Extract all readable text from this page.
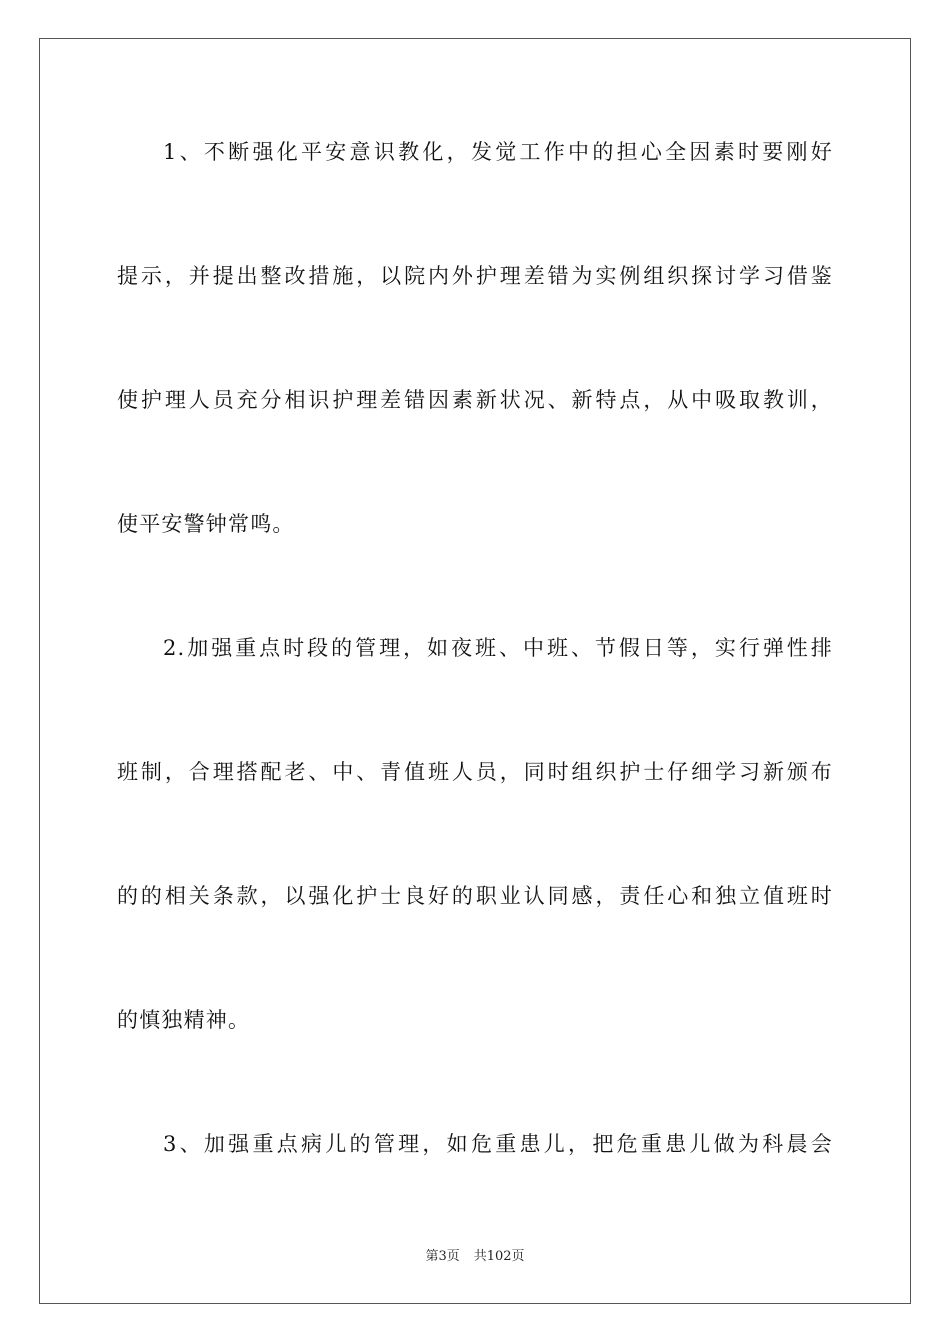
1、不断强化平安意识教化，发觉工作中的担心全因素时要刚好
提示，并提出整改措施，以院内外护理差错为实例组织探讨学习借鉴
使护理人员充分相识护理差错因素新状况、新特点，从中吸取教训，
使平安警钟常鸣。
2.加强重点时段的管理，如夜班、中班、节假日等，实行弹性排
班制，合理搭配老、中、青值班人员，同时组织护士仔细学习新颁布
的的相关条款，以强化护士良好的职业认同感，责任心和独立值班时
的慎独精神。
3、加强重点病儿的管理，如危重患儿，把危重患儿做为科晨会
第3页 共102页
